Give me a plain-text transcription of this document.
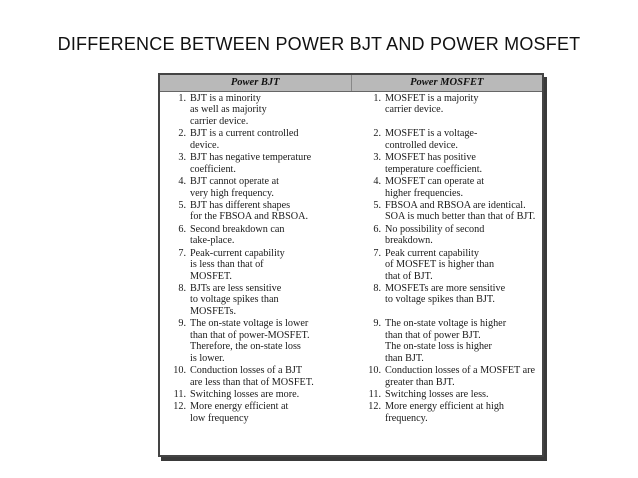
DIFFERENCE BETWEEN POWER BJT AND POWER MOSFET
Power BJT	Power MOSFET
1. BJT is a minority
as well as majority
carrier device.
1. MOSFET is a majority
carrier device.
2. BJT is a current controlled
device.
2. MOSFET is a voltage-
controlled device.
3. BJT has negative temperature
coefficient.
3. MOSFET has positive
temperature coefficient.
4. BJT cannot operate at
very high frequency.
4. MOSFET can operate at
higher frequencies.
5. BJT has different shapes
for the FBSOA and RBSOA.
5. FBSOA and RBSOA are identical.
SOA is much better than that of BJT.
6. Second breakdown can
take-place.
6. No possibility of second
breakdown.
7. Peak-current capability
is less than that of
MOSFET.
7. Peak current capability
of MOSFET is higher than
that of BJT.
8. BJTs are less sensitive
to voltage spikes than
MOSFETs.
8. MOSFETs are more sensitive
to voltage spikes than BJT.
9. The on-state voltage is lower
than that of power-MOSFET.
Therefore, the on-state loss
is lower.
9. The on-state voltage is higher
than that of power BJT.
The on-state loss is higher
than BJT.
10. Conduction losses of a BJT
are less than that of MOSFET.
10. Conduction losses of a MOSFET are
greater than BJT.
11. Switching losses are more.	11. Switching losses are less.
12. More energy efficient at
low frequency
12. More energy efficient at high
frequency.
